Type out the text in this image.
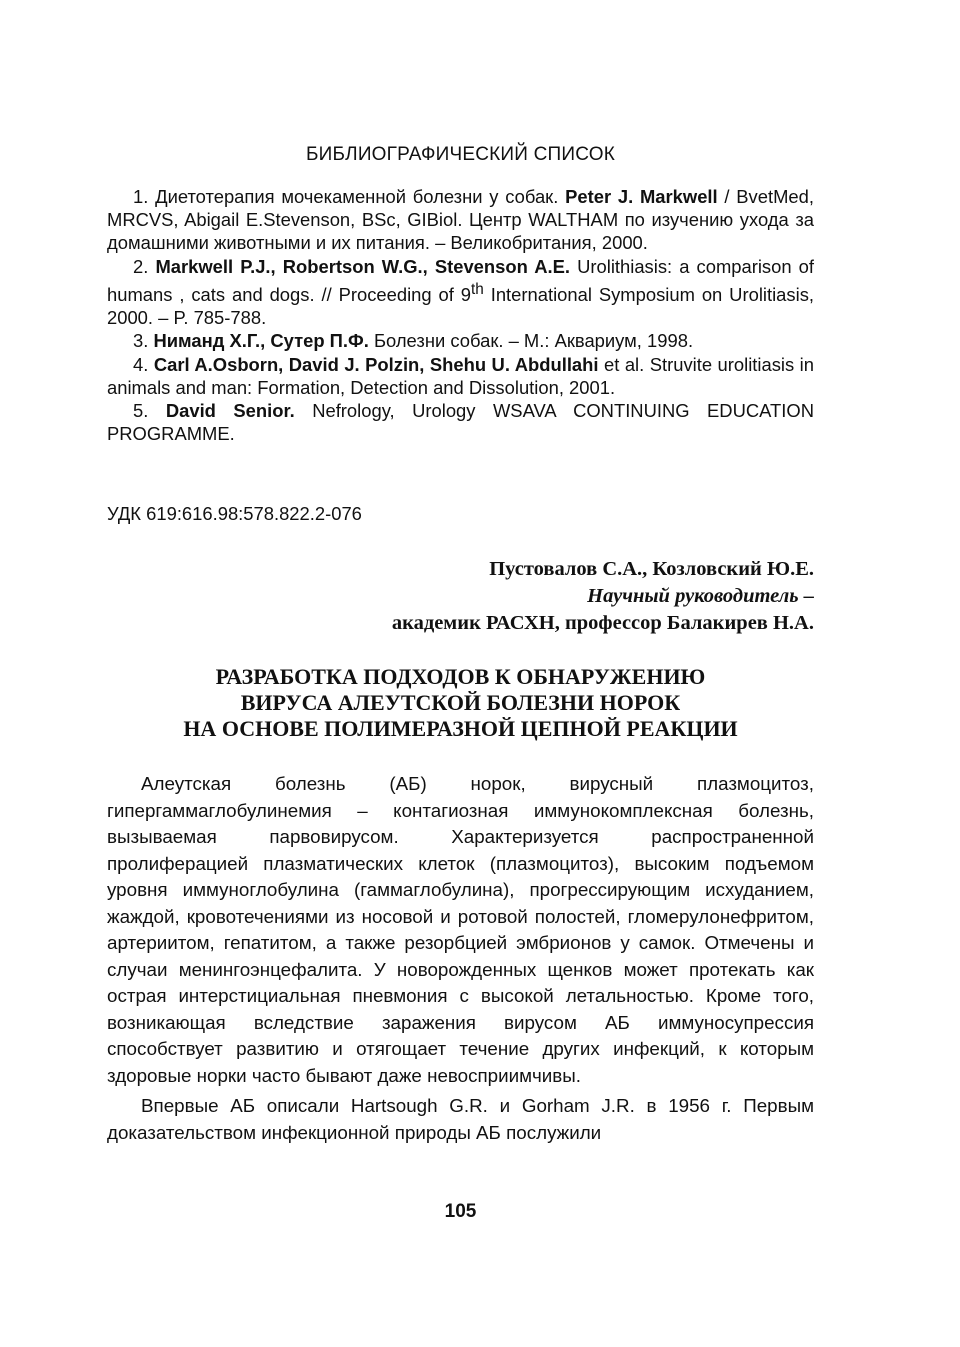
БИБЛИОГРАФИЧЕСКИЙ СПИСОК

1. Диетотерапия мочекаменной болезни у собак. Peter J. Markwell / BvetMed, MRCVS, Abigail E.Stevenson, BSc, GIBiol. Центр WALTHAM по изучению ухода за домашними животными и их питания. – Великобритания, 2000.

2. Markwell P.J., Robertson W.G., Stevenson A.E. Urolithiasis: a comparison of humans , cats and dogs. // Proceeding of 9th International Symposium on Urolitiasis, 2000. – P. 785-788.

3. Ниманд Х.Г., Сутер П.Ф. Болезни собак. – М.: Аквариум, 1998.

4. Carl A.Osborn, David J. Polzin, Shehu U. Abdullahi et al. Struvite urolitiasis in animals and man: Formation, Detection and Dissolution, 2001.

5. David Senior. Nefrology, Urology WSAVA CONTINUING EDUCATION PROGRAMME.

УДК 619:616.98:578.822.2-076
Пустовалов С.А., Козловский Ю.Е.
Научный руководитель –
академик РАСХН, профессор Балакирев Н.А.
РАЗРАБОТКА ПОДХОДОВ К ОБНАРУЖЕНИЮ
ВИРУСА АЛЕУТСКОЙ БОЛЕЗНИ НОРОК
НА ОСНОВЕ ПОЛИМЕРАЗНОЙ ЦЕПНОЙ РЕАКЦИИ

Алеутская болезнь (АБ) норок, вирусный плазмоцитоз, гипергаммаглобулинемия – контагиозная иммунокомплексная болезнь, вызываемая парвовирусом. Характеризуется распространенной пролиферацией плазматических клеток (плазмоцитоз), высоким подъемом уровня иммуноглобулина (гаммаглобулина), прогрессирующим исхуданием, жаждой, кровотечениями из носовой и ротовой полостей, гломерулонефритом, артериитом, гепатитом, а также резорбцией эмбрионов у самок. Отмечены и случаи менингоэнцефалита. У новорожденных щенков может протекать как острая интерстициальная пневмония с высокой летальностью. Кроме того, возникающая вследствие заражения вирусом АБ иммуносупрессия способствует развитию и отягощает течение других инфекций, к которым здоровые норки часто бывают даже невосприимчивы.

Впервые АБ описали Hartsough G.R. и Gorham J.R. в 1956 г. Первым доказательством инфекционной природы АБ послужили

105
